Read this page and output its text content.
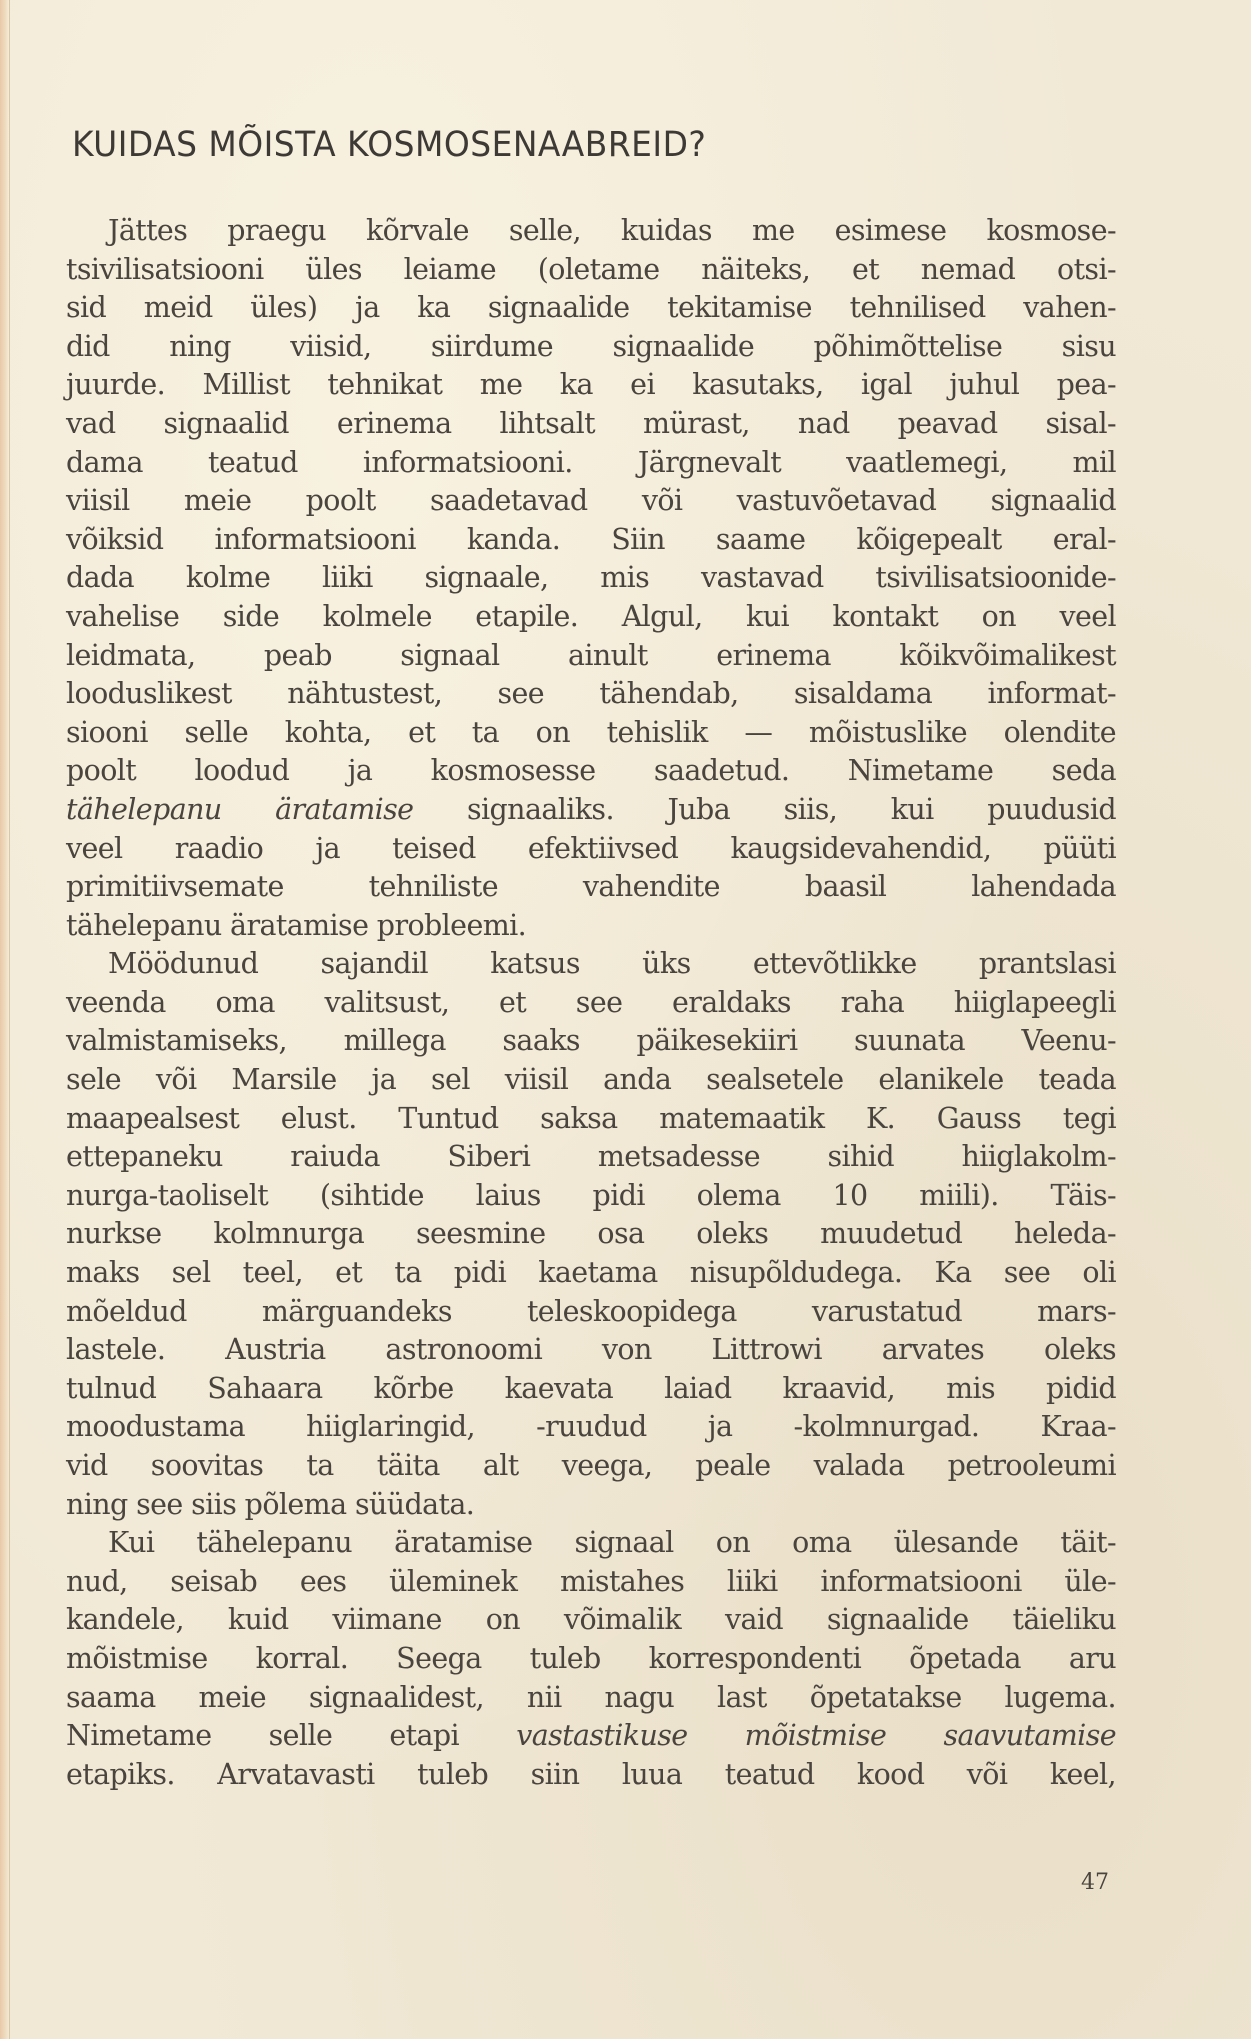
KUIDAS MÕISTA KOSMOSENAABREID?
Jättes praegu kõrvale selle, kuidas me esimese kosmose-
tsivilisatsiooni üles leiame (oletame näiteks, et nemad otsi-
sid meid üles) ja ka signaalide tekitamise tehnilised vahen-
did ning viisid, siirdume signaalide põhimõttelise sisu
juurde. Millist tehnikat me ka ei kasutaks, igal juhul pea-
vad signaalid erinema lihtsalt mürast, nad peavad sisal-
dama teatud informatsiooni. Järgnevalt vaatlemegi, mil
viisil meie poolt saadetavad või vastuvõetavad signaalid
võiksid informatsiooni kanda. Siin saame kõigepealt eral-
dada kolme liiki signaale, mis vastavad tsivilisatsioonide-
vahelise side kolmele etapile. Algul, kui kontakt on veel
leidmata, peab signaal ainult erinema kõikvõimalikest
looduslikest nähtustest, see tähendab, sisaldama informat-
siooni selle kohta, et ta on tehislik — mõistuslike olendite
poolt loodud ja kosmosesse saadetud. Nimetame seda
tähelepanu äratamise signaaliks. Juba siis, kui puudusid
veel raadio ja teised efektiivsed kaugsidevahendid, püüti
primitiivsemate tehniliste vahendite baasil lahendada
tähelepanu äratamise probleemi.
Möödunud sajandil katsus üks ettevõtlikke prantslasi
veenda oma valitsust, et see eraldaks raha hiiglapeegli
valmistamiseks, millega saaks päikesekiiri suunata Veenu-
sele või Marsile ja sel viisil anda sealsetele elanikele teada
maapealsest elust. Tuntud saksa matemaatik K. Gauss tegi
ettepaneku raiuda Siberi metsadesse sihid hiiglakolm-
nurga-taoliselt (sihtide laius pidi olema 10 miili). Täis-
nurkse kolmnurga seesmine osa oleks muudetud heleda-
maks sel teel, et ta pidi kaetama nisupõldudega. Ka see oli
mõeldud märguandeks teleskoopidega varustatud mars-
lastele. Austria astronoomi von Littrowi arvates oleks
tulnud Sahaara kõrbe kaevata laiad kraavid, mis pidid
moodustama hiiglaringid, -ruudud ja -kolmnurgad. Kraa-
vid soovitas ta täita alt veega, peale valada petrooleumi
ning see siis põlema süüdata.
Kui tähelepanu äratamise signaal on oma ülesande täit-
nud, seisab ees üleminek mistahes liiki informatsiooni üle-
kandele, kuid viimane on võimalik vaid signaalide täieliku
mõistmise korral. Seega tuleb korrespondenti õpetada aru
saama meie signaalidest, nii nagu last õpetatakse lugema.
Nimetame selle etapi vastastikuse mõistmise saavutamise
etapiks. Arvatavasti tuleb siin luua teatud kood või keel,
47
